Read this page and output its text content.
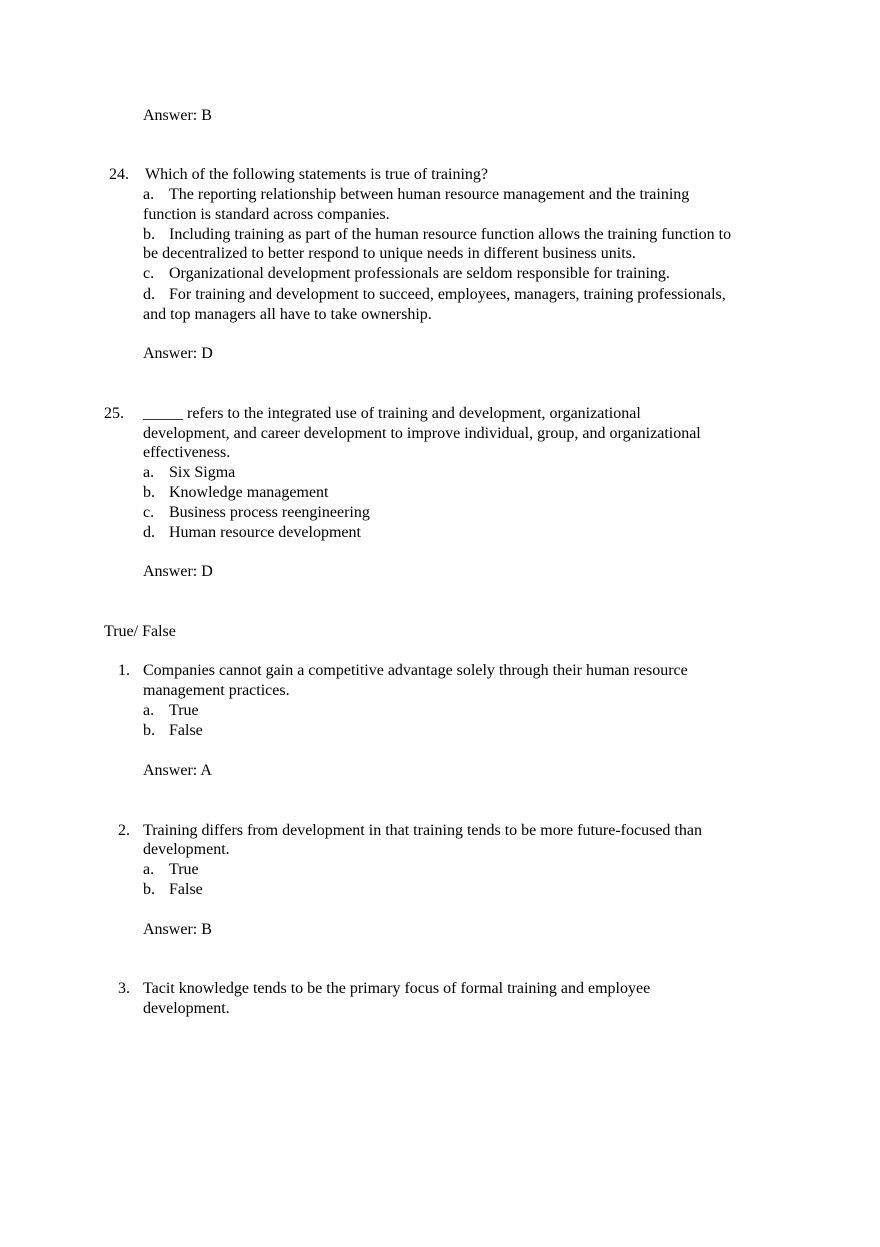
Answer: B
24. Which of the following statements is true of training?
a. The reporting relationship between human resource management and the training
function is standard across companies.
b. Including training as part of the human resource function allows the training function to
be decentralized to better respond to unique needs in different business units.
c. Organizational development professionals are seldom responsible for training.
d. For training and development to succeed, employees, managers, training professionals,
and top managers all have to take ownership.
Answer: D
25. _____ refers to the integrated use of training and development, organizational
development, and career development to improve individual, group, and organizational
effectiveness.
a. Six Sigma
b. Knowledge management
c. Business process reengineering
d. Human resource development
Answer: D
True/ False
1. Companies cannot gain a competitive advantage solely through their human resource
management practices.
a. True
b. False
Answer: A
2. Training differs from development in that training tends to be more future-focused than
development.
a. True
b. False
Answer: B
3. Tacit knowledge tends to be the primary focus of formal training and employee
development.
